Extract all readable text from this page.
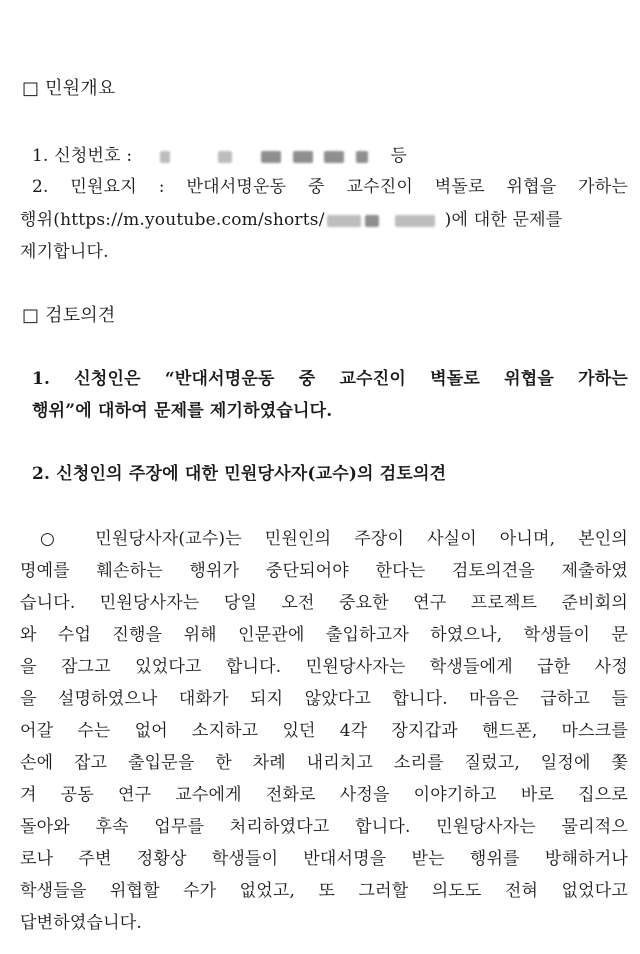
□ 민원개요
1. 신청번호 :	등
2. 민원요지 : 반대서명운동 중 교수진이 벽돌로 위협을 가하는
행위(https://m.youtube.com/shorts/	)에 대한 문제를
제기합니다.
□ 검토의견
1. 신청인은 “반대서명운동 중 교수진이 벽돌로 위협을 가하는
행위”에 대하여 문제를 제기하였습니다.
2. 신청인의 주장에 대한 민원당사자(교수)의 검토의견
○ 민원당사자(교수)는 민원인의 주장이 사실이 아니며, 본인의
명예를 훼손하는 행위가 중단되어야 한다는 검토의견을 제출하였
습니다. 민원당사자는 당일 오전 중요한 연구 프로젝트 준비회의
와 수업 진행을 위해 인문관에 출입하고자 하였으나, 학생들이 문
을 잠그고 있었다고 합니다. 민원당사자는 학생들에게 급한 사정
을 설명하였으나 대화가 되지 않았다고 합니다. 마음은 급하고 들
어갈 수는 없어 소지하고 있던 4각 장지갑과 핸드폰, 마스크를
손에 잡고 출입문을 한 차례 내리치고 소리를 질렀고, 일정에 쫓
겨 공동 연구 교수에게 전화로 사정을 이야기하고 바로 집으로
돌아와 후속 업무를 처리하였다고 합니다. 민원당사자는 물리적으
로나 주변 정황상 학생들이 반대서명을 받는 행위를 방해하거나
학생들을 위협할 수가 없었고, 또 그러할 의도도 전혀 없었다고
답변하였습니다.
